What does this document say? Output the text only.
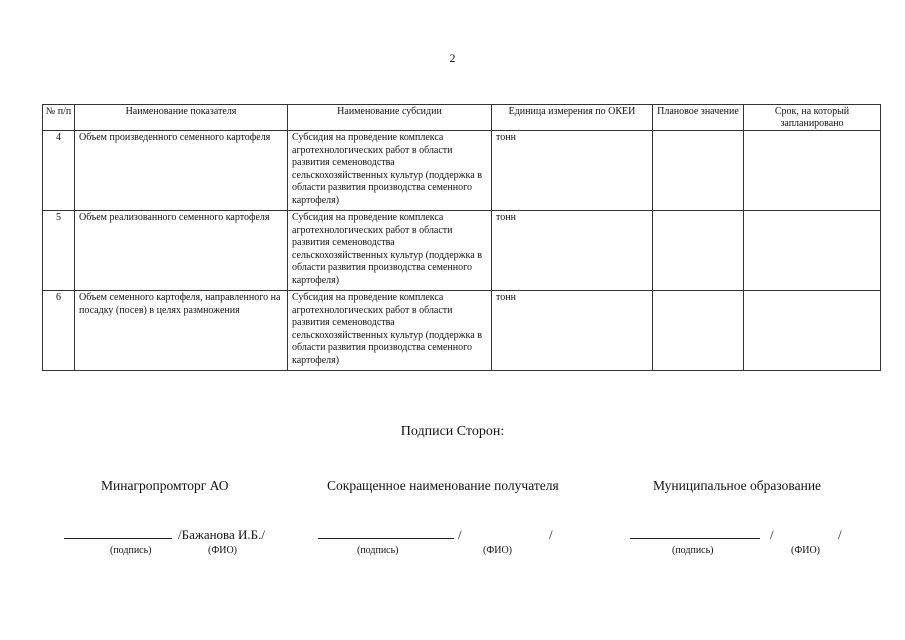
2
№ п/п	Наименование показателя	Наименование субсидии	Единица измерения по ОКЕИ	Плановое значение	Срок, на который запланировано
4	Объем произведенного семенного картофеля	Субсидия на проведение комплекса агротехнологических работ в области развития семеноводства сельскохозяйственных культур (поддержка в области развития производства семенного картофеля)	тонн		
5	Объем реализованного семенного картофеля	Субсидия на проведение комплекса агротехнологических работ в области развития семеноводства сельскохозяйственных культур (поддержка в области развития производства семенного картофеля)	тонн		
6	Объем семенного картофеля, направленного на посадку (посев) в целях размножения	Субсидия на проведение комплекса агротехнологических работ в области развития семеноводства сельскохозяйственных культур (поддержка в области развития производства семенного картофеля)	тонн		
Подписи Сторон:
Минагропромторг АО
/Бажанова И.Б./
(подпись)	(ФИО)
Сокращенное наименование получателя
/	/
(подпись)	(ФИО)
Муниципальное образование
/	/
(подпись)	(ФИО)
